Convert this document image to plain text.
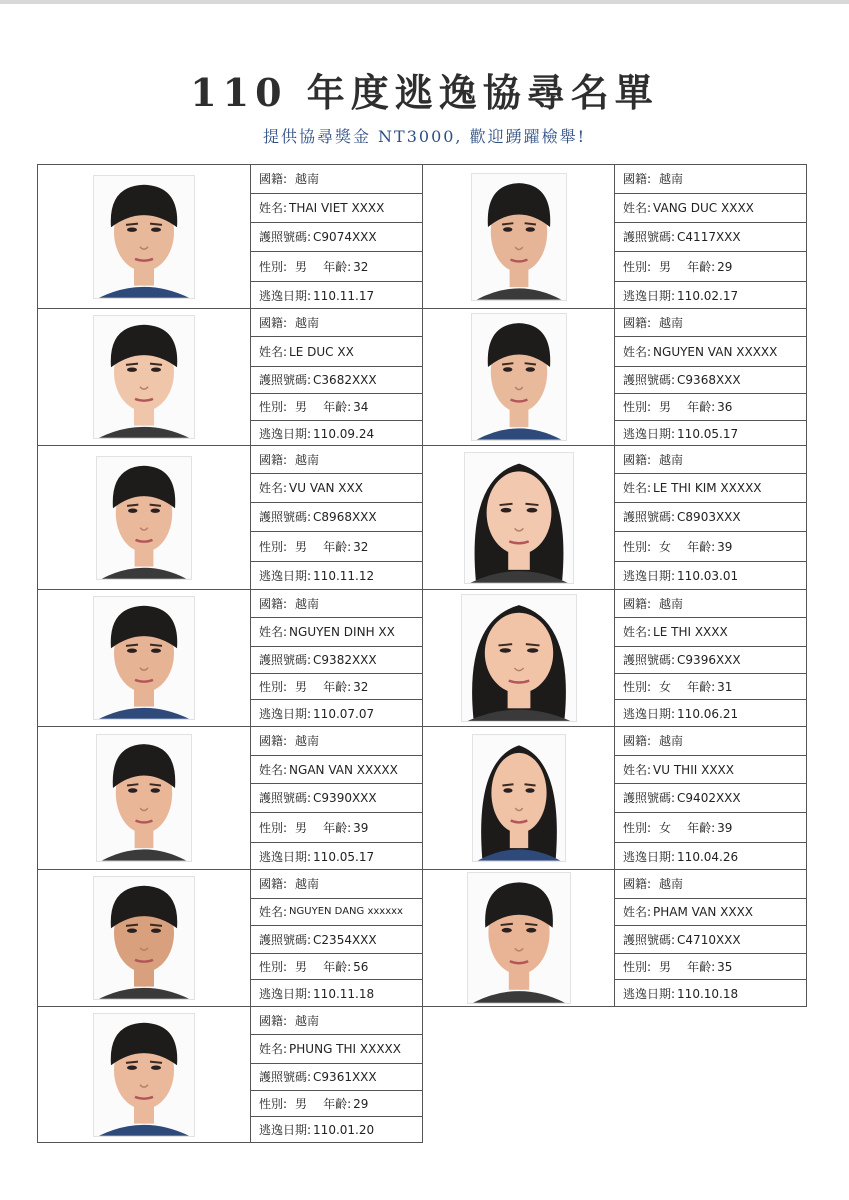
110 年度逃逸協尋名單
提供協尋獎金 NT3000, 歡迎踴躍檢舉!
國籍: 越南
姓名: THAI VIET XXXX
護照號碼: C9074XXX
性別: 男 年齡: 32
逃逸日期: 110.11.17
國籍: 越南
姓名: VANG DUC XXXX
護照號碼: C4117XXX
性別: 男 年齡: 29
逃逸日期: 110.02.17
國籍: 越南
姓名: LE DUC XX
護照號碼: C3682XXX
性別: 男 年齡: 34
逃逸日期: 110.09.24
國籍: 越南
姓名: NGUYEN VAN XXXXX
護照號碼: C9368XXX
性別: 男 年齡: 36
逃逸日期: 110.05.17
國籍: 越南
姓名: VU VAN XXX
護照號碼: C8968XXX
性別: 男 年齡: 32
逃逸日期: 110.11.12
國籍: 越南
姓名: LE THI KIM XXXXX
護照號碼: C8903XXX
性別: 女 年齡: 39
逃逸日期: 110.03.01
國籍: 越南
姓名: NGUYEN DINH XX
護照號碼: C9382XXX
性別: 男 年齡: 32
逃逸日期: 110.07.07
國籍: 越南
姓名: LE THI XXXX
護照號碼: C9396XXX
性別: 女 年齡: 31
逃逸日期: 110.06.21
國籍: 越南
姓名: NGAN VAN XXXXX
護照號碼: C9390XXX
性別: 男 年齡: 39
逃逸日期: 110.05.17
國籍: 越南
姓名: VU THII XXXX
護照號碼: C9402XXX
性別: 女 年齡: 39
逃逸日期: 110.04.26
國籍: 越南
姓名: NGUYEN DANG xxxxxx
護照號碼: C2354XXX
性別: 男 年齡: 56
逃逸日期: 110.11.18
國籍: 越南
姓名: PHAM VAN XXXX
護照號碼: C4710XXX
性別: 男 年齡: 35
逃逸日期: 110.10.18
國籍: 越南
姓名: PHUNG THI XXXXX
護照號碼: C9361XXX
性別: 男 年齡: 29
逃逸日期: 110.01.20
